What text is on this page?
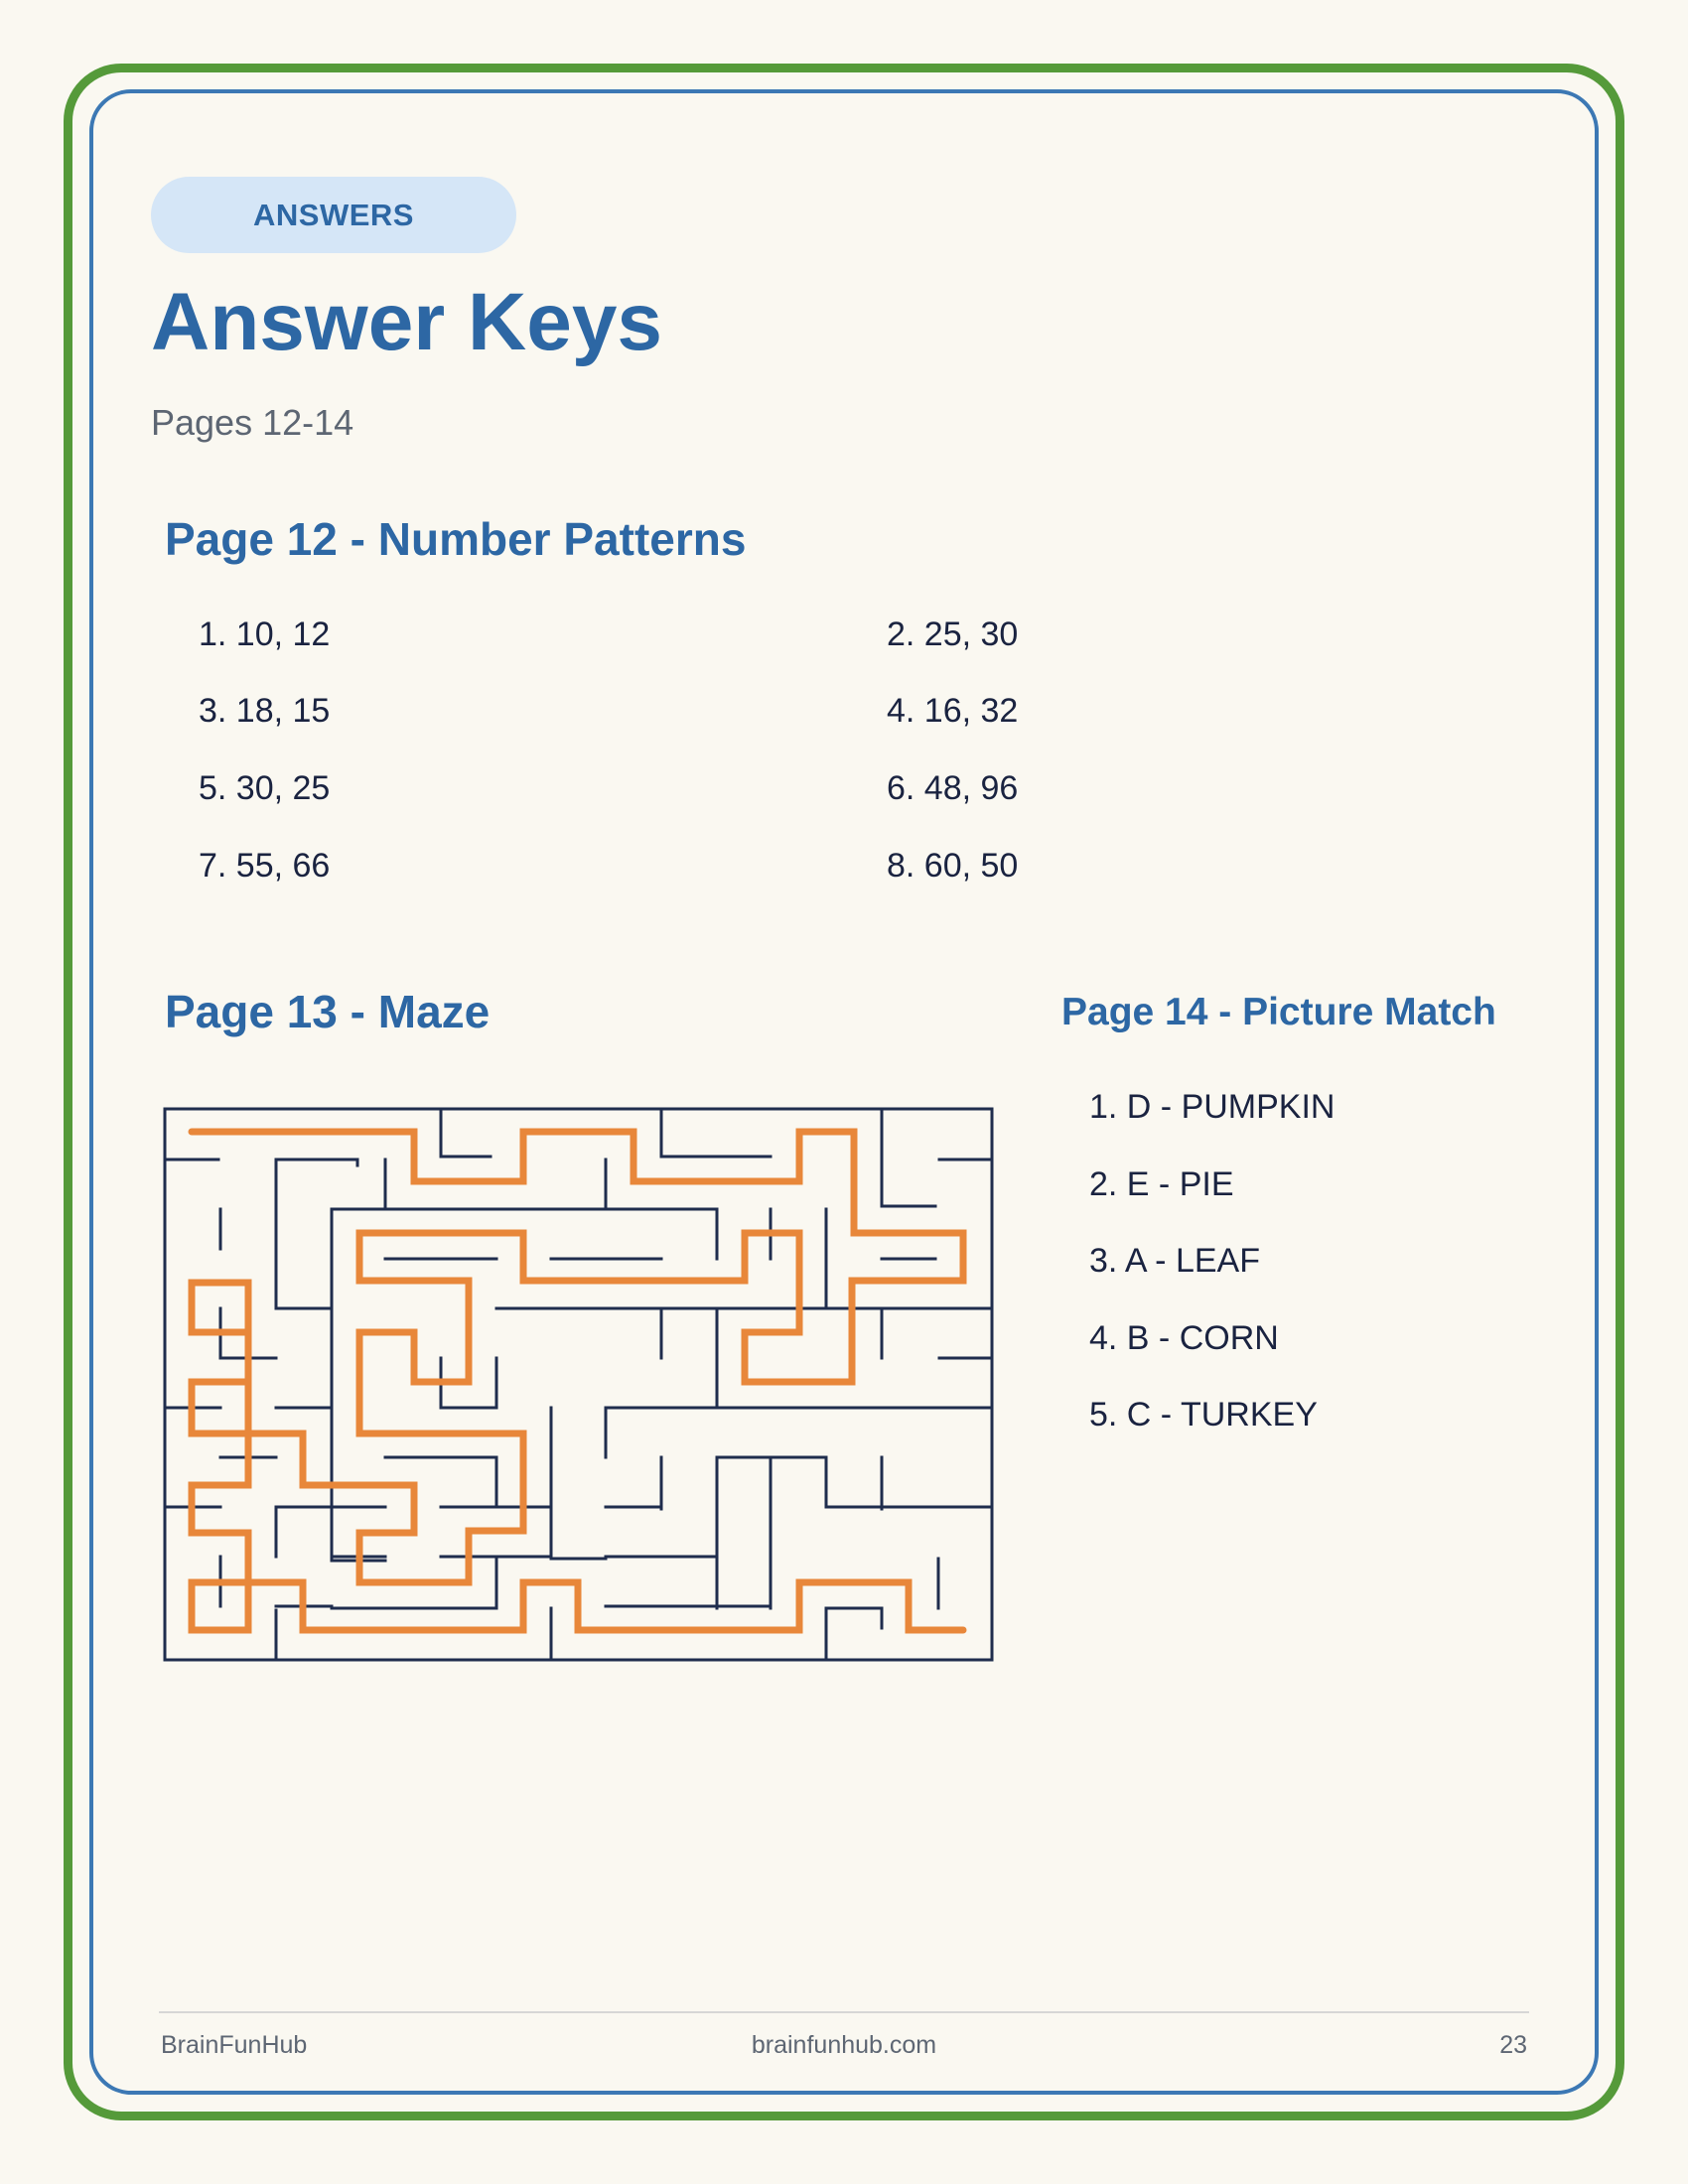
ANSWERS
Answer Keys
Pages 12-14
Page 12 - Number Patterns
1. 10, 12	2. 25, 30
3. 18, 15	4. 16, 32
5. 30, 25	6. 48, 96
7. 55, 66	8. 60, 50
Page 13 - Maze	Page 14 - Picture Match
1. D - PUMPKIN
2. E - PIE
3. A - LEAF
4. B - CORN
5. C - TURKEY
BrainFunHub	brainfunhub.com	23
